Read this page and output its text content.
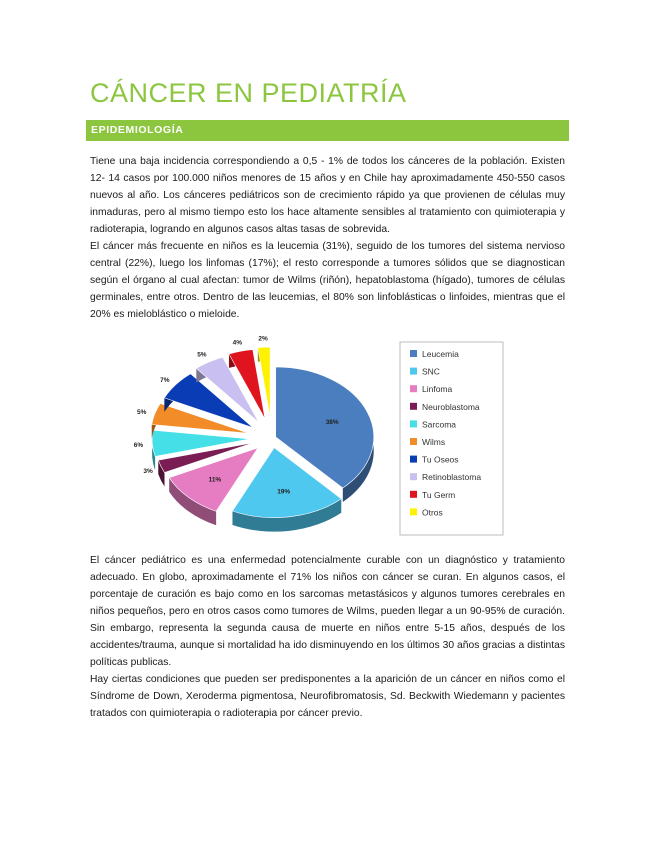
CÁNCER EN PEDIATRÍA
EPIDEMIOLOGÍA

Tiene una baja incidencia correspondiendo a 0,5 - 1% de todos los cánceres de la población. Existen 12- 14 casos por 100.000 niños menores de 15 años y en Chile hay aproximadamente 450-550 casos nuevos al año. Los cánceres pediátricos son de crecimiento rápido ya que provienen de células muy inmaduras, pero al mismo tiempo esto los hace altamente sensibles al tratamiento con quimioterapia y radioterapia, logrando en algunos casos altas tasas de sobrevida.

El cáncer más frecuente en niños es la leucemia (31%), seguido de los tumores del sistema nervioso central (22%), luego los linfomas (17%); el resto corresponde a tumores sólidos que se diagnostican según el órgano al cual afectan: tumor de Wilms (riñón), hepatoblastoma (hígado), tumores de células germinales, entre otros. Dentro de las leucemias, el 80% son linfoblásticas o linfoides, mientras que el 20% es mieloblástico o mieloide.

38%
19%
11%
3%
6%
5%
7%
5%
4%
2%
Leucemia
SNC
Linfoma
Neuroblastoma
Sarcoma
Wilms
Tu Oseos
Retinoblastoma
Tu Germ
Otros

El cáncer pediátrico es una enfermedad potencialmente curable con un diagnóstico y tratamiento adecuado. En globo, aproximadamente el 71% los niños con cáncer se curan. En algunos casos, el porcentaje de curación es bajo como en los sarcomas metastásicos y algunos tumores cerebrales en niños pequeños, pero en otros casos como tumores de Wilms, pueden llegar a un 90-95% de curación. Sin embargo, representa la segunda causa de muerte en niños entre 5-15 años, después de los accidentes/trauma, aunque si mortalidad ha ido disminuyendo en los últimos 30 años gracias a distintas políticas publicas.

Hay ciertas condiciones que pueden ser predisponentes a la aparición de un cáncer en niños como el Síndrome de Down, Xeroderma pigmentosa, Neurofibromatosis, Sd. Beckwith Wiedemann y pacientes tratados con quimioterapia o radioterapia por cáncer previo.
